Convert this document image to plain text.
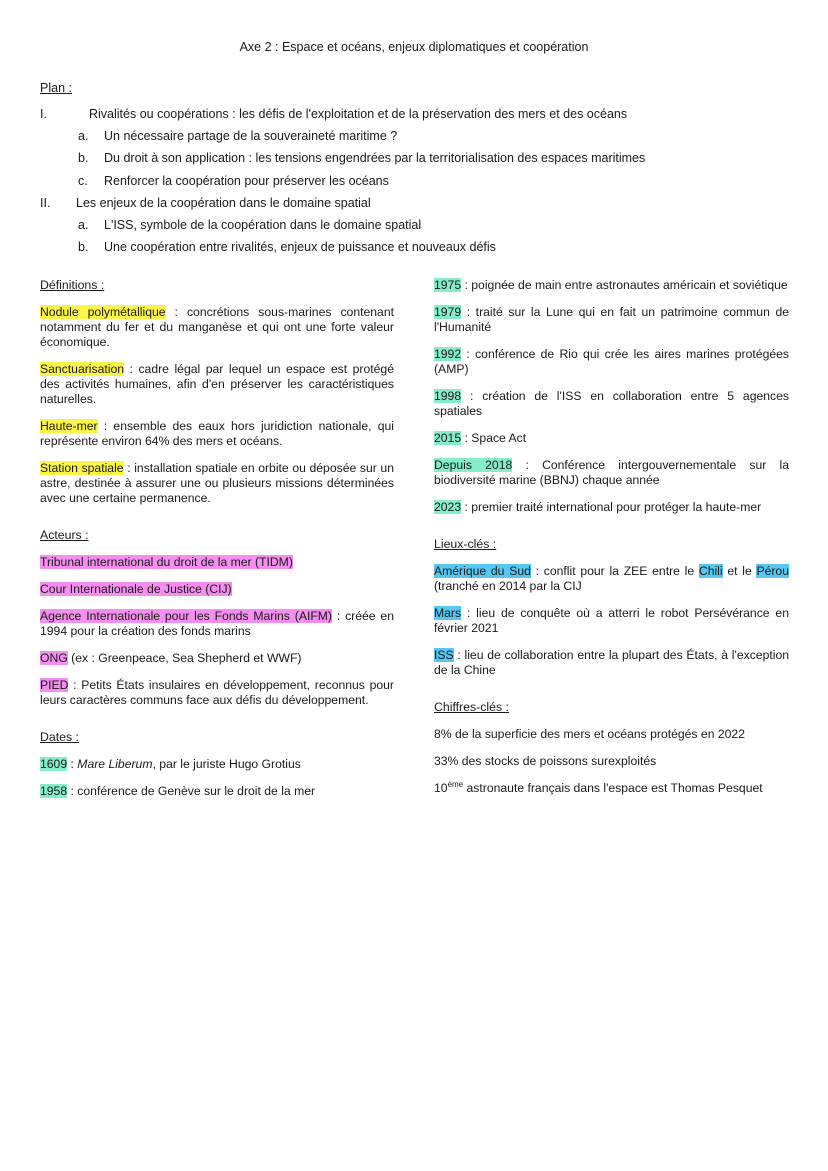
Axe 2 : Espace et océans, enjeux diplomatiques et coopération
Plan :
I.	Rivalités ou coopérations : les défis de l'exploitation et de la préservation des mers et des océans
a. Un nécessaire partage de la souveraineté maritime ?
b. Du droit à son application : les tensions engendrées par la territorialisation des espaces maritimes
c. Renforcer la coopération pour préserver les océans
II. Les enjeux de la coopération dans le domaine spatial
a. L'ISS, symbole de la coopération dans le domaine spatial
b. Une coopération entre rivalités, enjeux de puissance et nouveaux défis
Définitions :
Nodule polymétallique : concrétions sous-marines contenant notamment du fer et du manganèse et qui ont une forte valeur économique.
Sanctuarisation : cadre légal par lequel un espace est protégé des activités humaines, afin d'en préserver les caractéristiques naturelles.
Haute-mer : ensemble des eaux hors juridiction nationale, qui représente environ 64% des mers et océans.
Station spatiale : installation spatiale en orbite ou déposée sur un astre, destinée à assurer une ou plusieurs missions déterminées avec une certaine permanence.
Acteurs :
Tribunal international du droit de la mer (TIDM)
Cour Internationale de Justice (CIJ)
Agence Internationale pour les Fonds Marins (AIFM) : créée en 1994 pour la création des fonds marins
ONG (ex : Greenpeace, Sea Shepherd et WWF)
PIED : Petits États insulaires en développement, reconnus pour leurs caractères communs face aux défis du développement.
Dates :
1609 : Mare Liberum, par le juriste Hugo Grotius
1958 : conférence de Genève sur le droit de la mer
1975 : poignée de main entre astronautes américain et soviétique
1979 : traité sur la Lune qui en fait un patrimoine commun de l'Humanité
1992 : conférence de Rio qui crée les aires marines protégées (AMP)
1998 : création de l'ISS en collaboration entre 5 agences spatiales
2015 : Space Act
Depuis 2018 : Conférence intergouvernementale sur la biodiversité marine (BBNJ) chaque année
2023 : premier traité international pour protéger la haute-mer
Lieux-clés :
Amérique du Sud : conflit pour la ZEE entre le Chili et le Pérou (tranché en 2014 par la CIJ
Mars : lieu de conquête où a atterri le robot Persévérance en février 2021
ISS : lieu de collaboration entre la plupart des États, à l'exception de la Chine
Chiffres-clés :
8% de la superficie des mers et océans protégés en 2022
33% des stocks de poissons surexploités
10ème astronaute français dans l'espace est Thomas Pesquet
